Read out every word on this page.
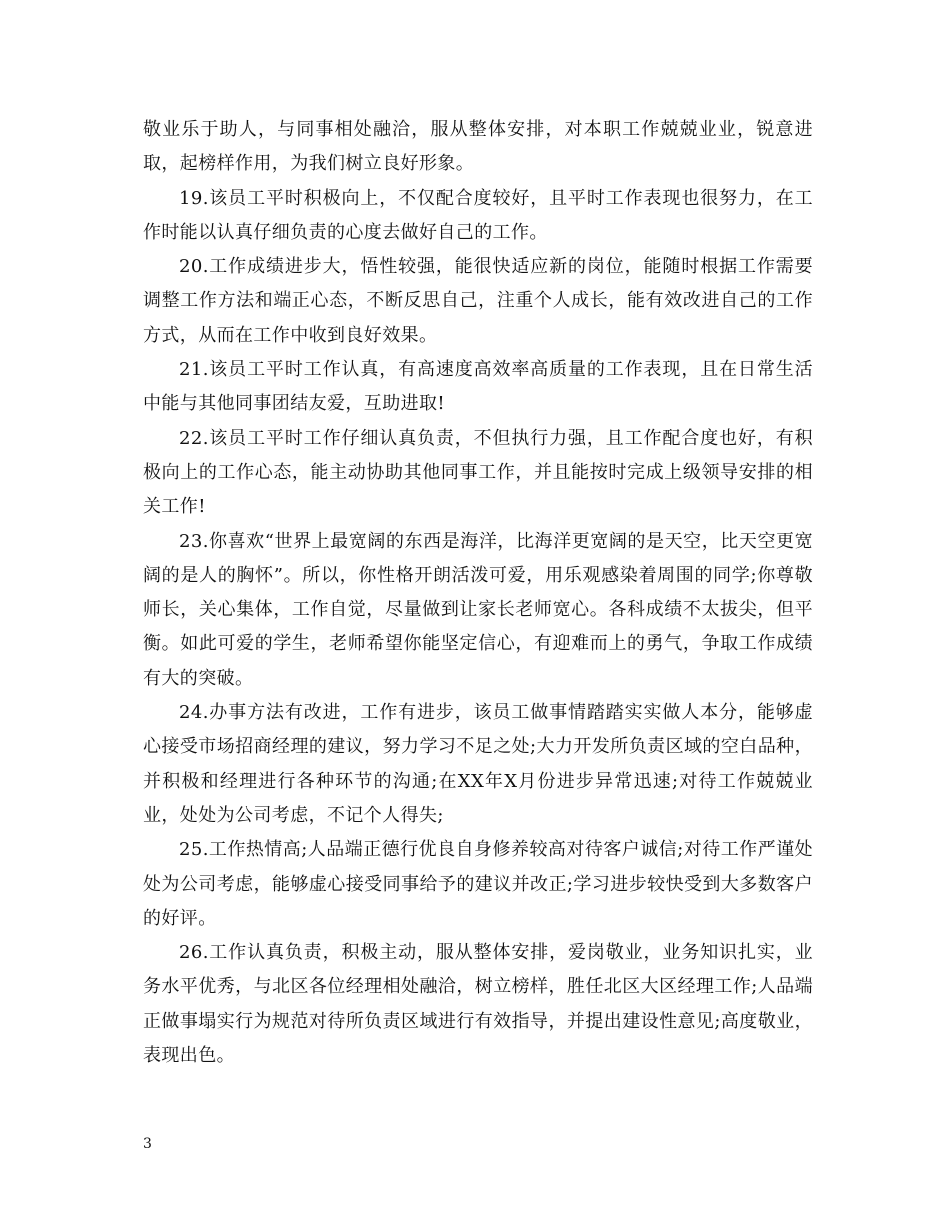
敬业乐于助人，与同事相处融洽，服从整体安排，对本职工作兢兢业业，锐意进取，起榜样作用，为我们树立良好形象。

19.该员工平时积极向上，不仅配合度较好，且平时工作表现也很努力，在工作时能以认真仔细负责的心度去做好自己的工作。

20.工作成绩进步大，悟性较强，能很快适应新的岗位，能随时根据工作需要调整工作方法和端正心态，不断反思自己，注重个人成长，能有效改进自己的工作方式，从而在工作中收到良好效果。

21.该员工平时工作认真，有高速度高效率高质量的工作表现，且在日常生活中能与其他同事团结友爱，互助进取!

22.该员工平时工作仔细认真负责，不但执行力强，且工作配合度也好，有积极向上的工作心态，能主动协助其他同事工作，并且能按时完成上级领导安排的相关工作!

23.你喜欢“世界上最宽阔的东西是海洋，比海洋更宽阔的是天空，比天空更宽阔的是人的胸怀”。所以，你性格开朗活泼可爱，用乐观感染着周围的同学;你尊敬师长，关心集体，工作自觉，尽量做到让家长老师宽心。各科成绩不太拔尖，但平衡。如此可爱的学生，老师希望你能坚定信心，有迎难而上的勇气，争取工作成绩有大的突破。

24.办事方法有改进，工作有进步，该员工做事情踏踏实实做人本分，能够虚心接受市场招商经理的建议，努力学习不足之处;大力开发所负责区域的空白品种，并积极和经理进行各种环节的沟通;在XX年X月份进步异常迅速;对待工作兢兢业业，处处为公司考虑，不记个人得失;

25.工作热情高;人品端正德行优良自身修养较高对待客户诚信;对待工作严谨处处为公司考虑，能够虚心接受同事给予的建议并改正;学习进步较快受到大多数客户的好评。

26.工作认真负责，积极主动，服从整体安排，爱岗敬业，业务知识扎实，业务水平优秀，与北区各位经理相处融洽，树立榜样，胜任北区大区经理工作;人品端正做事塌实行为规范对待所负责区域进行有效指导，并提出建设性意见;高度敬业，表现出色。

3
